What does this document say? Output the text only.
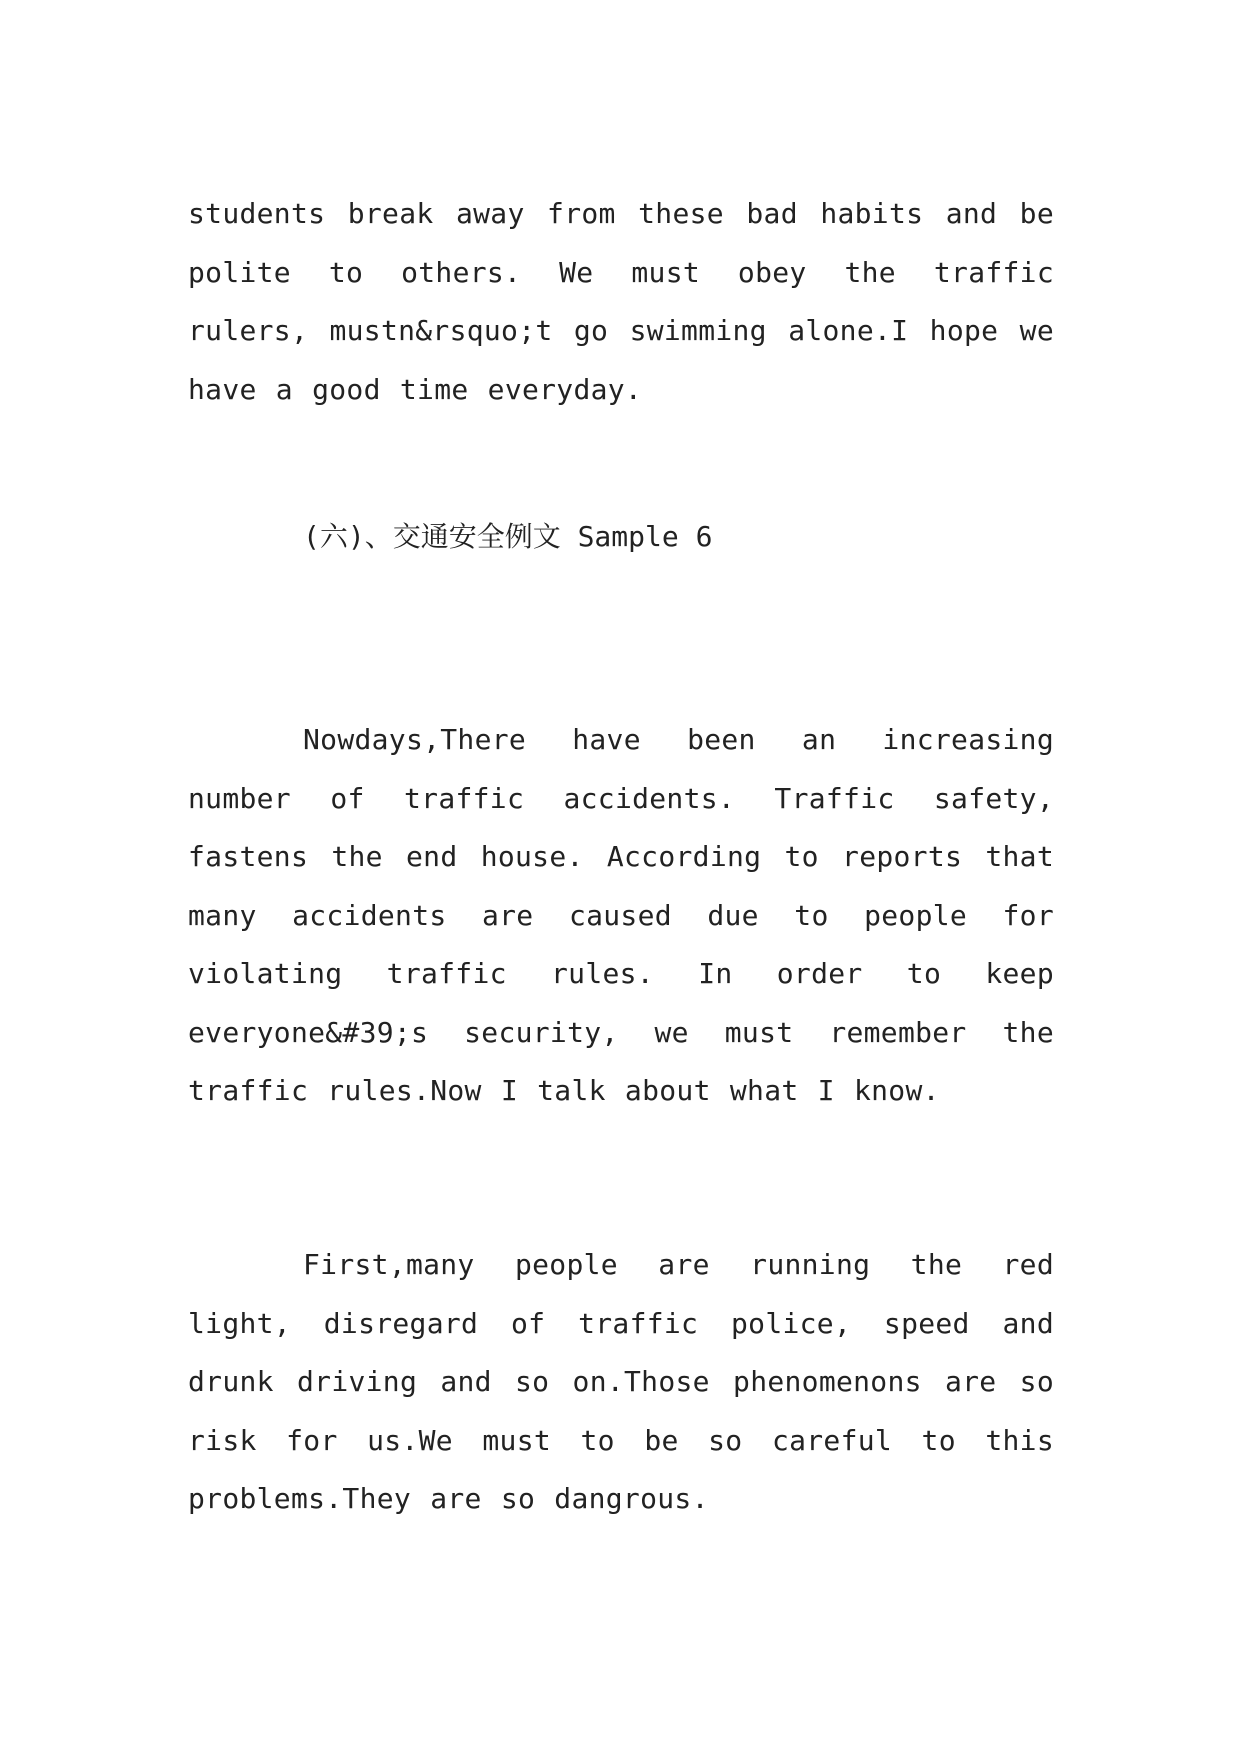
students break away from these bad habits and be polite to others. We must obey the traffic rulers, mustn&rsquo;t go swimming alone.I hope we have a good time everyday.

(六)、交通安全例文 Sample 6

Nowdays,There have been an increasing number of traffic accidents. Traffic safety, fastens the end house. According to reports that many accidents are caused due to people for violating traffic rules. In order to keep everyone&#39;s security, we must remember the traffic rules.Now I talk about what I know.

First,many people are running the red light, disregard of traffic police, speed and drunk driving and so on.Those phenomenons are so risk for us.We must to be so careful to this problems.They are so dangrous.
